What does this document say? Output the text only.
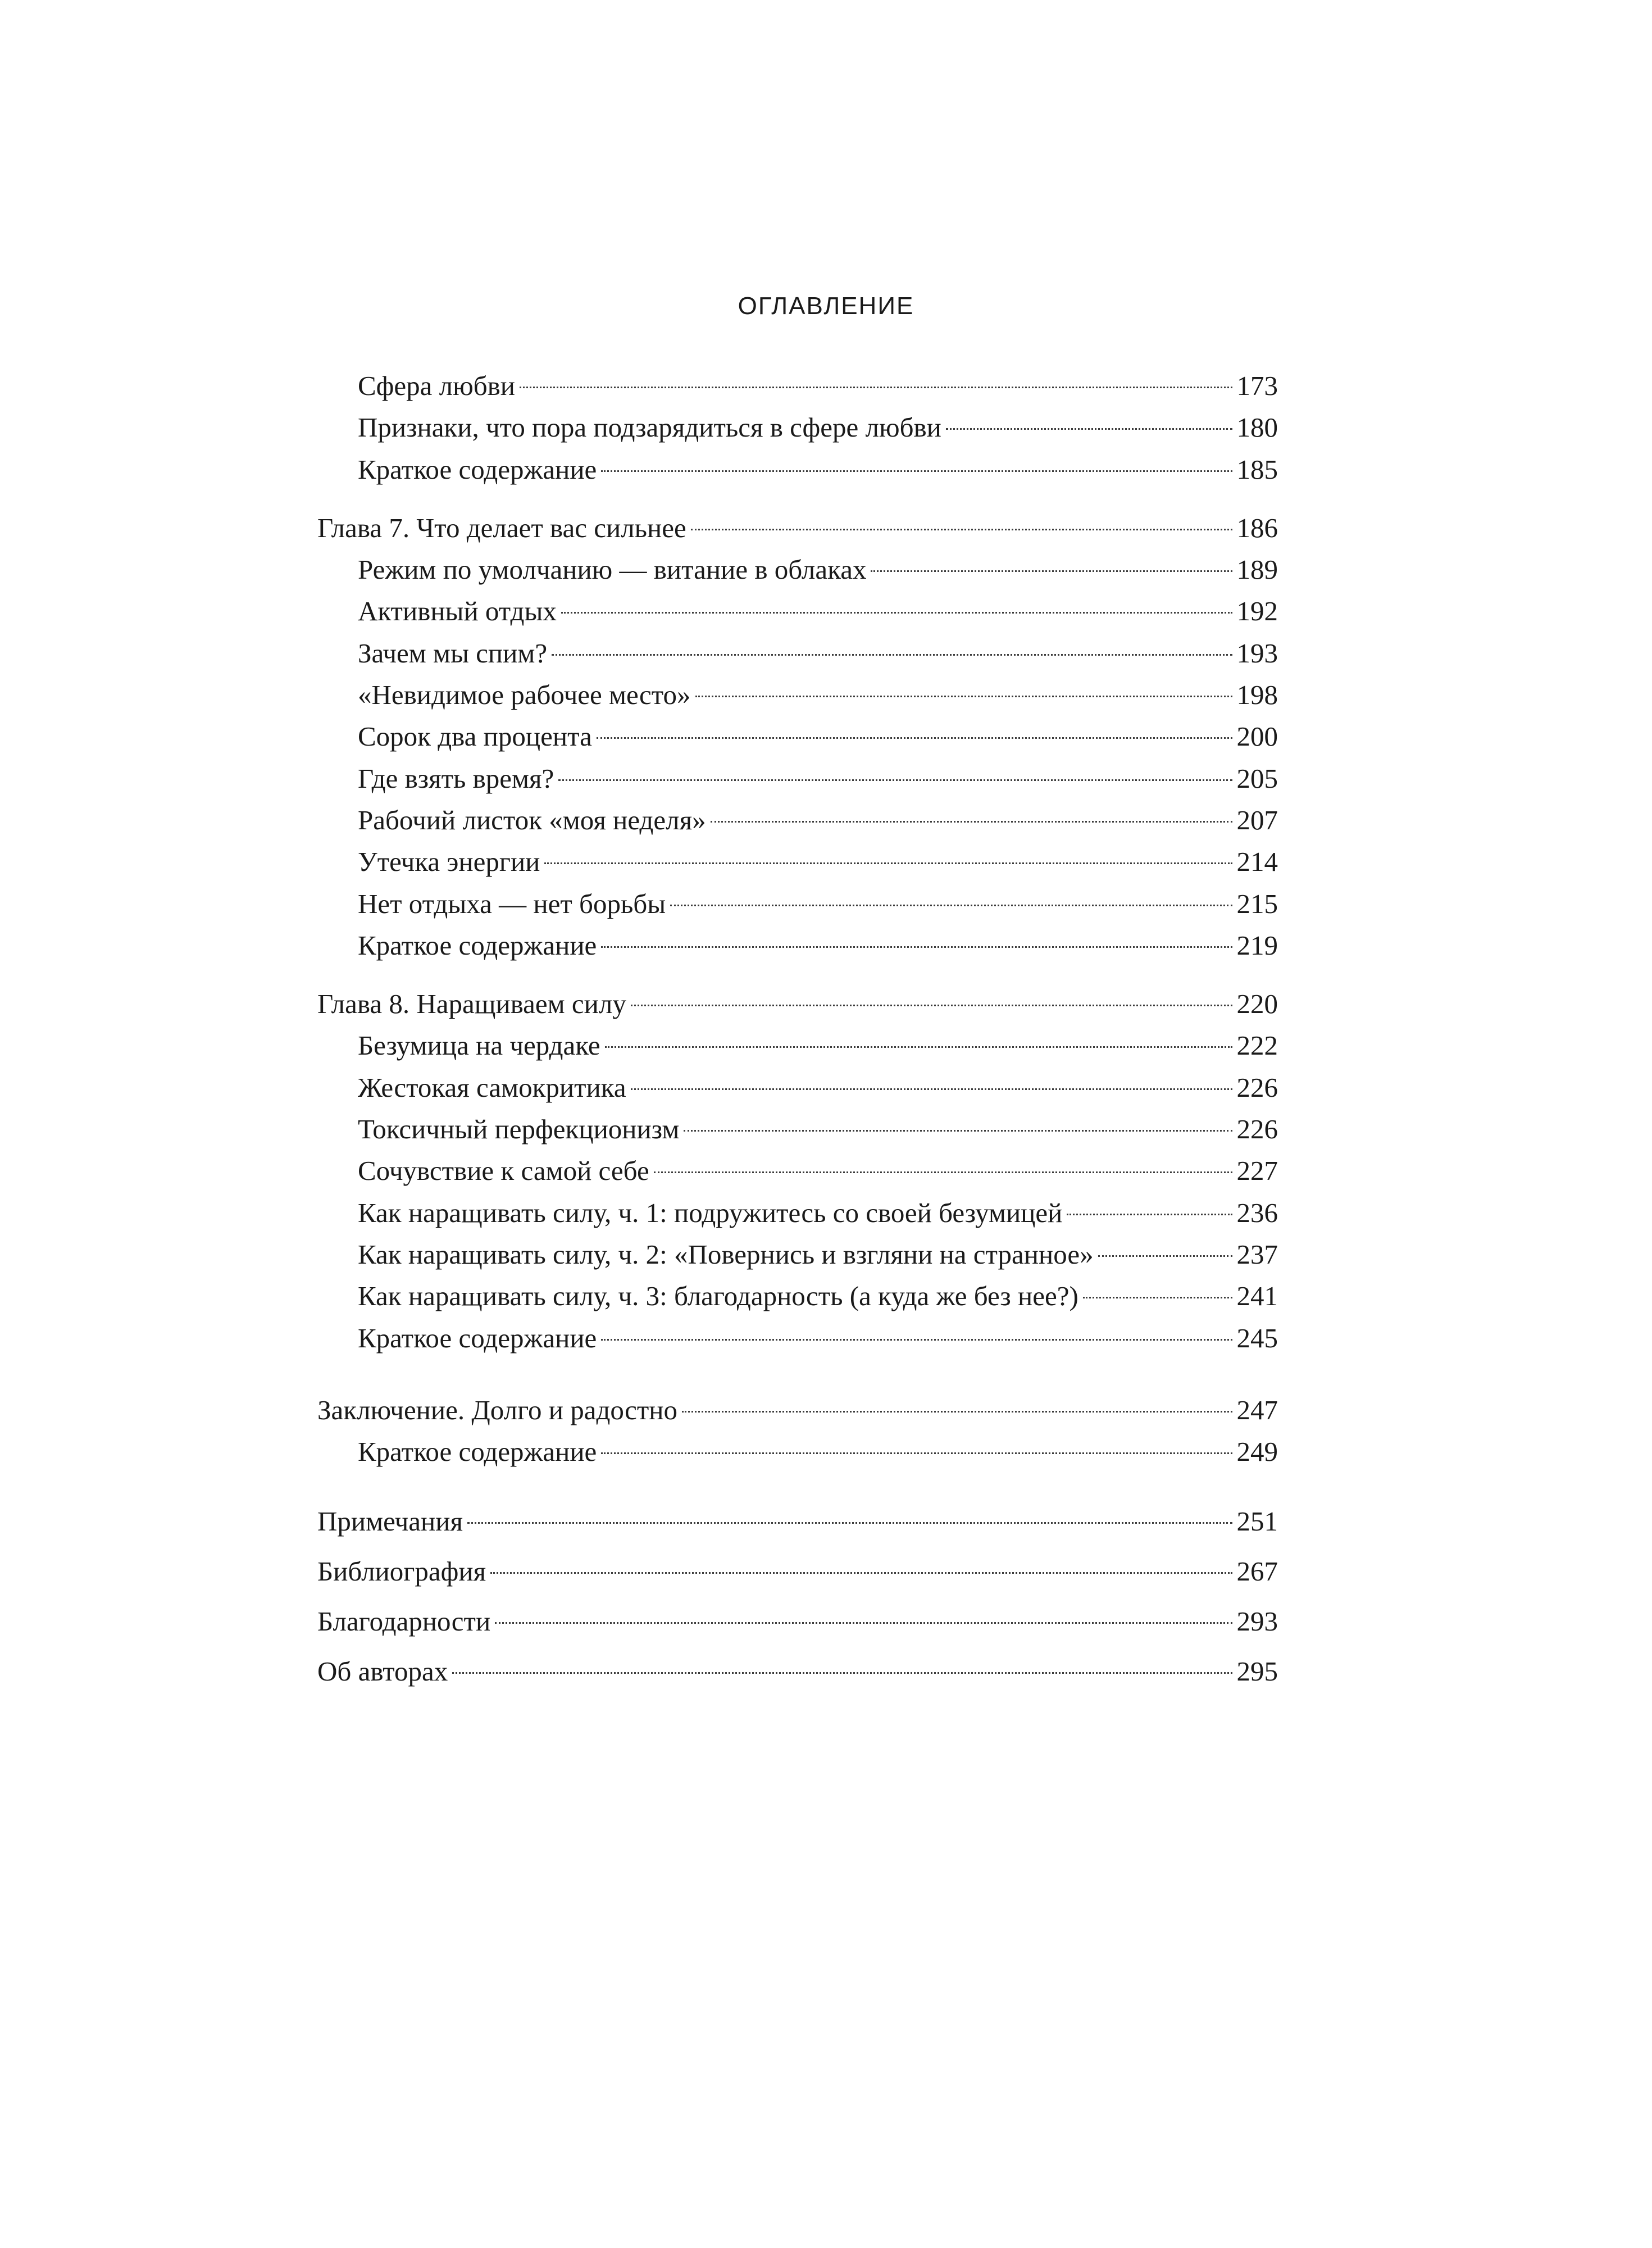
ОГЛАВЛЕНИЕ
Сфера любви	173
Признаки, что пора подзарядиться в сфере любви	180
Краткое содержание	185
Глава 7. Что делает вас сильнее	186
Режим по умолчанию — витание в облаках	189
Активный отдых	192
Зачем мы спим?	193
«Невидимое рабочее место»	198
Сорок два процента	200
Где взять время?	205
Рабочий листок «моя неделя»	207
Утечка энергии	214
Нет отдыха — нет борьбы	215
Краткое содержание	219
Глава 8. Наращиваем силу	220
Безумица на чердаке	222
Жестокая самокритика	226
Токсичный перфекционизм	226
Сочувствие к самой себе	227
Как наращивать силу, ч. 1: подружитесь со своей безумицей	236
Как наращивать силу, ч. 2: «Повернись и взгляни на странное»	237
Как наращивать силу, ч. 3: благодарность (а куда же без нее?)	241
Краткое содержание	245
Заключение. Долго и радостно	247
Краткое содержание	249
Примечания	251
Библиография	267
Благодарности	293
Об авторах	295
